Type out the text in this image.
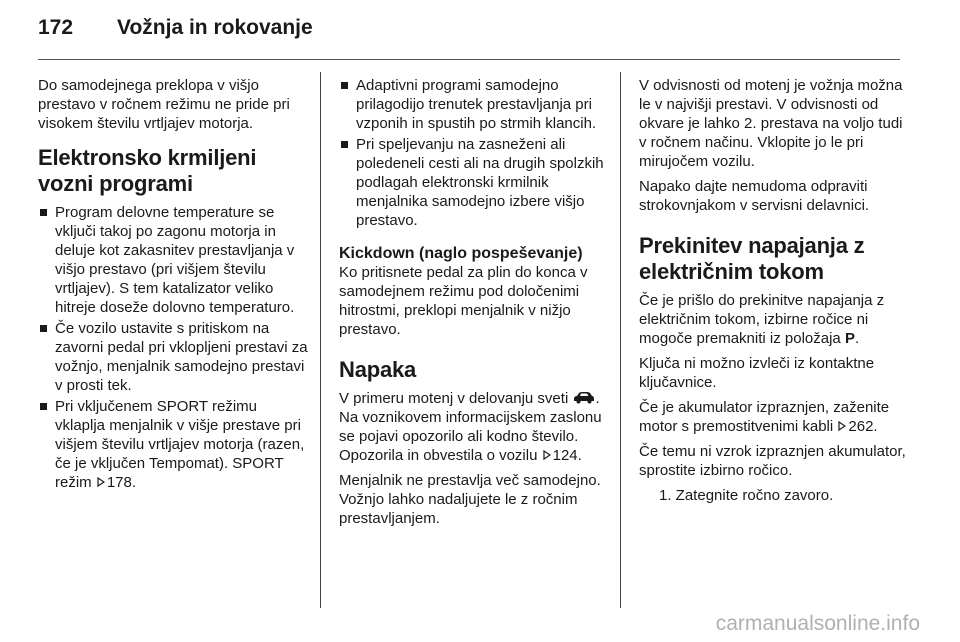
172 Vožnja in rokovanje

Do samodejnega preklopa v višjo prestavo v ročnem režimu ne pride pri visokem številu vrtljajev motorja.

Elektronsko krmiljeni vozni programi
Program delovne temperature se vključi takoj po zagonu motorja in deluje kot zakasnitev prestavljanja v višjo prestavo (pri višjem številu vrtljajev). S tem katalizator veliko hitreje doseže dolovno temperaturo.
Če vozilo ustavite s pritiskom na zavorni pedal pri vklopljeni prestavi za vožnjo, menjalnik samodejno prestavi v prosti tek.
Pri vključenem SPORT režimu vklaplja menjalnik v višje prestave pri višjem številu vrtljajev motorja (razen, če je vključen Tempomat). SPORT režim 178.
Adaptivni programi samodejno prilagodijo trenutek prestavljanja pri vzponih in spustih po strmih klancih.
Pri speljevanju na zasneženi ali poledeneli cesti ali na drugih spolzkih podlagah elektronski krmilnik menjalnika samodejno izbere višjo prestavo.
Kickdown (naglo pospeševanje)

Ko pritisnete pedal za plin do konca v samodejnem režimu pod določenimi hitrostmi, preklopi menjalnik v nižjo prestavo.

Napaka

V primeru motenj v delovanju sveti . Na voznikovem informacijskem zaslonu se pojavi opozorilo ali kodno število. Opozorila in obvestila o vozilu 124.

Menjalnik ne prestavlja več samodejno. Vožnjo lahko nadaljujete le z ročnim prestavljanjem.

V odvisnosti od motenj je vožnja možna le v najvišji prestavi. V odvisnosti od okvare je lahko 2. prestava na voljo tudi v ročnem načinu. Vklopite jo le pri mirujočem vozilu.

Napako dajte nemudoma odpraviti strokovnjakom v servisni delavnici.

Prekinitev napajanja z električnim tokom

Če je prišlo do prekinitve napajanja z električnim tokom, izbirne ročice ni mogoče premakniti iz položaja P.

Ključa ni možno izvleči iz kontaktne ključavnice.

Če je akumulator izpraznjen, zaženite motor s premostitvenimi kabli 262.

Če temu ni vzrok izpraznjen akumulator, sprostite izbirno ročico.

1. Zategnite ročno zavoro.
carmanualsonline.info
